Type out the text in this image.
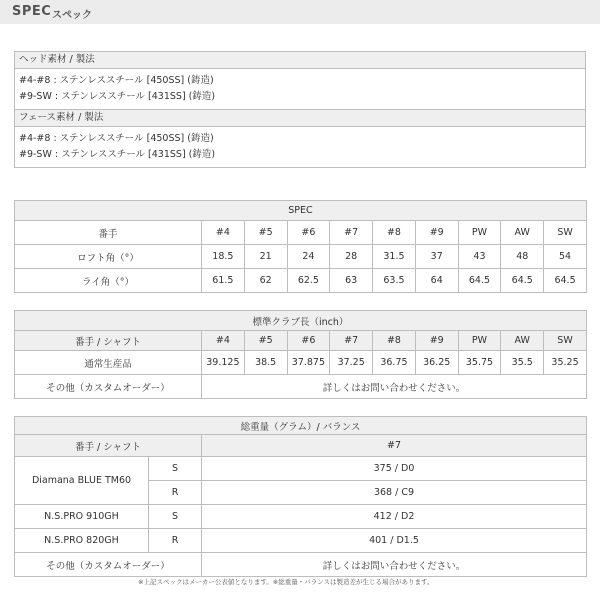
SPEC スペック
ヘッド素材 / 製法

#4-#8 : ステンレススチール [450SS] (鋳造)
#9-SW : ステンレススチール [431SS] (鋳造)

フェース素材 / 製法

#4-#8 : ステンレススチール [450SS] (鋳造)
#9-SW : ステンレススチール [431SS] (鋳造)
SPEC									
番手	#4	#5	#6	#7	#8	#9	PW	AW	SW
ロフト角（°）	18.5	21	24	28	31.5	37	43	48	54
ライ角（°）	61.5	62	62.5	63	63.5	64	64.5	64.5	64.5
標準クラブ長（inch）									
番手 / シャフト	#4	#5	#6	#7	#8	#9	PW	AW	SW
通常生産品	39.125	38.5	37.875	37.25	36.75	36.25	35.75	35.5	35.25
その他（カスタムオーダー）	詳しくはお問い合わせください。								
総重量（グラム）/ バランス		
番手 / シャフト		#7
Diamana BLUE TM60	S	375 / D0
	R	368 / C9
N.S.PRO 910GH	S	412 / D2
N.S.PRO 820GH	R	401 / D1.5
その他（カスタムオーダー）		詳しくはお問い合わせください。
※上記スペックはメーカー公表値となります。※総重量・バランスは製造差が生じる場合があります。
